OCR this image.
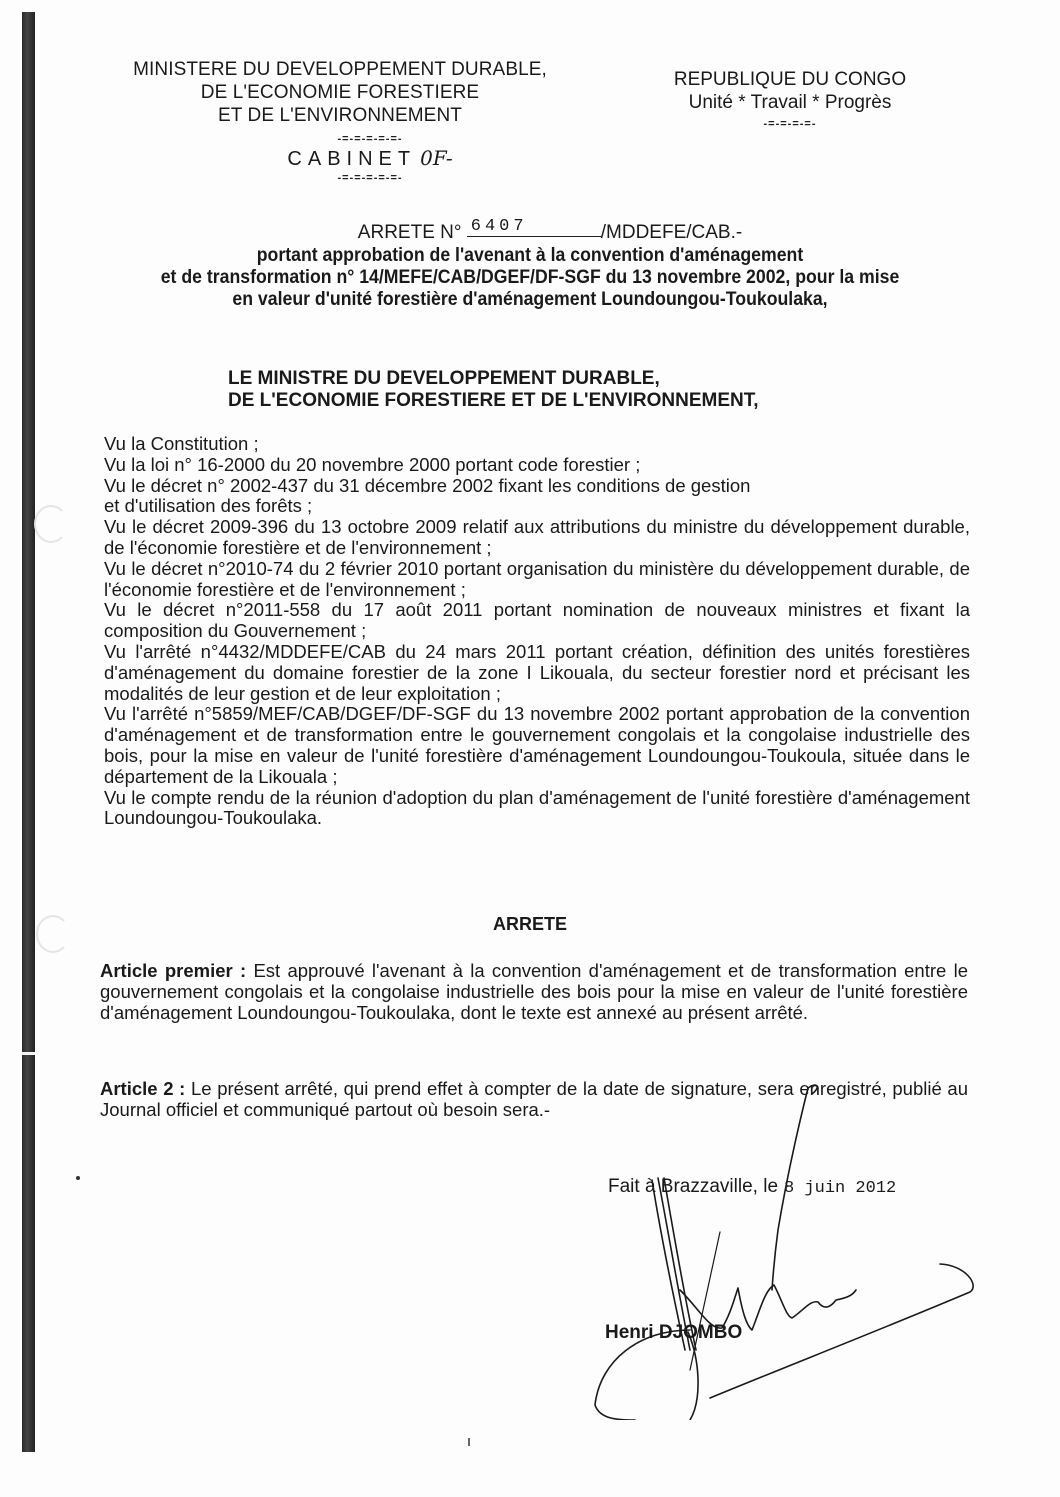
MINISTERE DU DEVELOPPEMENT DURABLE,
DE L'ECONOMIE FORESTIERE
ET DE L'ENVIRONNEMENT
-=-=-=-=-=-
CABINET 0F-
-=-=-=-=-=-
REPUBLIQUE DU CONGO
Unité * Travail * Progrès
-=-=-=-=-
ARRETE N° 6407	/MDDEFE/CAB.-
portant approbation de l'avenant à la convention d'aménagement
et de transformation n° 14/MEFE/CAB/DGEF/DF-SGF du 13 novembre 2002, pour la mise
en valeur d'unité forestière d'aménagement Loundoungou-Toukoulaka,
LE MINISTRE DU DEVELOPPEMENT DURABLE,
DE L'ECONOMIE FORESTIERE ET DE L'ENVIRONNEMENT,
Vu la Constitution ;
Vu la loi n° 16-2000 du 20 novembre 2000 portant code forestier ;
Vu le décret n° 2002-437 du 31 décembre 2002 fixant les conditions de gestion
et d'utilisation des forêts ;
Vu le décret 2009-396 du 13 octobre 2009 relatif aux attributions du ministre du développement durable, de l'économie forestière et de l'environnement ;
Vu le décret n°2010-74 du 2 février 2010 portant organisation du ministère du développement durable, de l'économie forestière et de l'environnement ;
Vu le décret n°2011-558 du 17 août 2011 portant nomination de nouveaux ministres et fixant la composition du Gouvernement ;
Vu l'arrêté n°4432/MDDEFE/CAB du 24 mars 2011 portant création, définition des unités forestières d'aménagement du domaine forestier de la zone I Likouala, du secteur forestier nord et précisant les modalités de leur gestion et de leur exploitation ;
Vu l'arrêté n°5859/MEF/CAB/DGEF/DF-SGF du 13 novembre 2002 portant approbation de la convention d'aménagement et de transformation entre le gouvernement congolais et la congolaise industrielle des bois, pour la mise en valeur de l'unité forestière d'aménagement Loundoungou-Toukoula, située dans le département de la Likouala ;
Vu le compte rendu de la réunion d'adoption du plan d'aménagement de l'unité forestière d'aménagement Loundoungou-Toukoulaka.
ARRETE
Article premier : Est approuvé l'avenant à la convention d'aménagement et de transformation entre le gouvernement congolais et la congolaise industrielle des bois pour la mise en valeur de l'unité forestière d'aménagement Loundoungou-Toukoulaka, dont le texte est annexé au présent arrêté.
Article 2 : Le présent arrêté, qui prend effet à compter de la date de signature, sera enregistré, publié au Journal officiel et communiqué partout où besoin sera.-
Fait à Brazzaville, le 8 juin 2012
Henri DJOMBO
